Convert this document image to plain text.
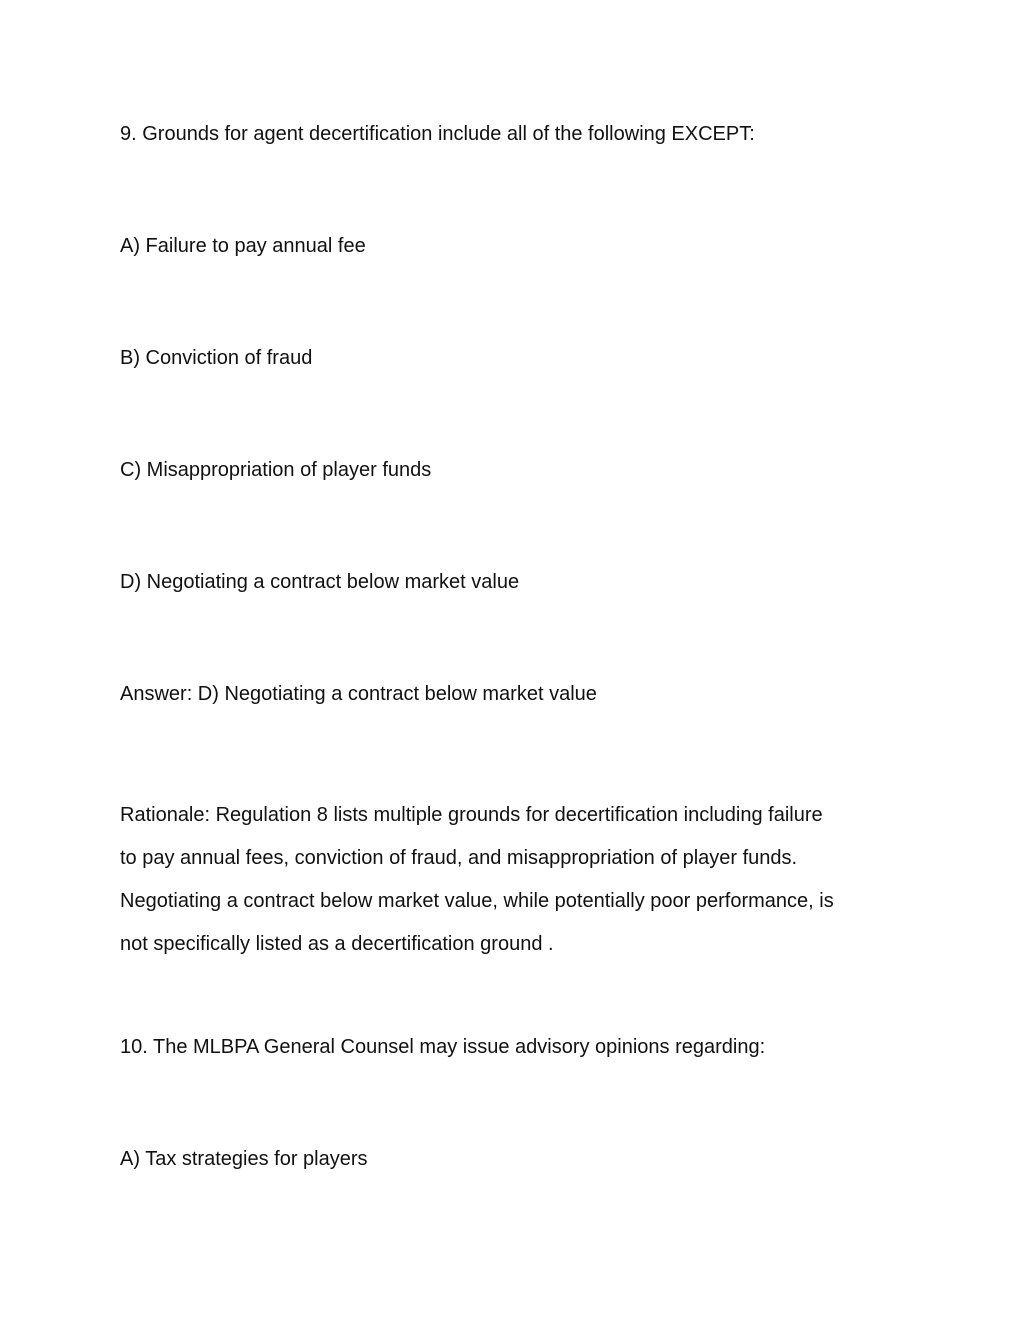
9. Grounds for agent decertification include all of the following EXCEPT:

A) Failure to pay annual fee

B) Conviction of fraud

C) Misappropriation of player funds

D) Negotiating a contract below market value

Answer: D) Negotiating a contract below market value

Rationale: Regulation 8 lists multiple grounds for decertification including failure
to pay annual fees, conviction of fraud, and misappropriation of player funds.
Negotiating a contract below market value, while potentially poor performance, is
not specifically listed as a decertification ground .

10. The MLBPA General Counsel may issue advisory opinions regarding:

A) Tax strategies for players
